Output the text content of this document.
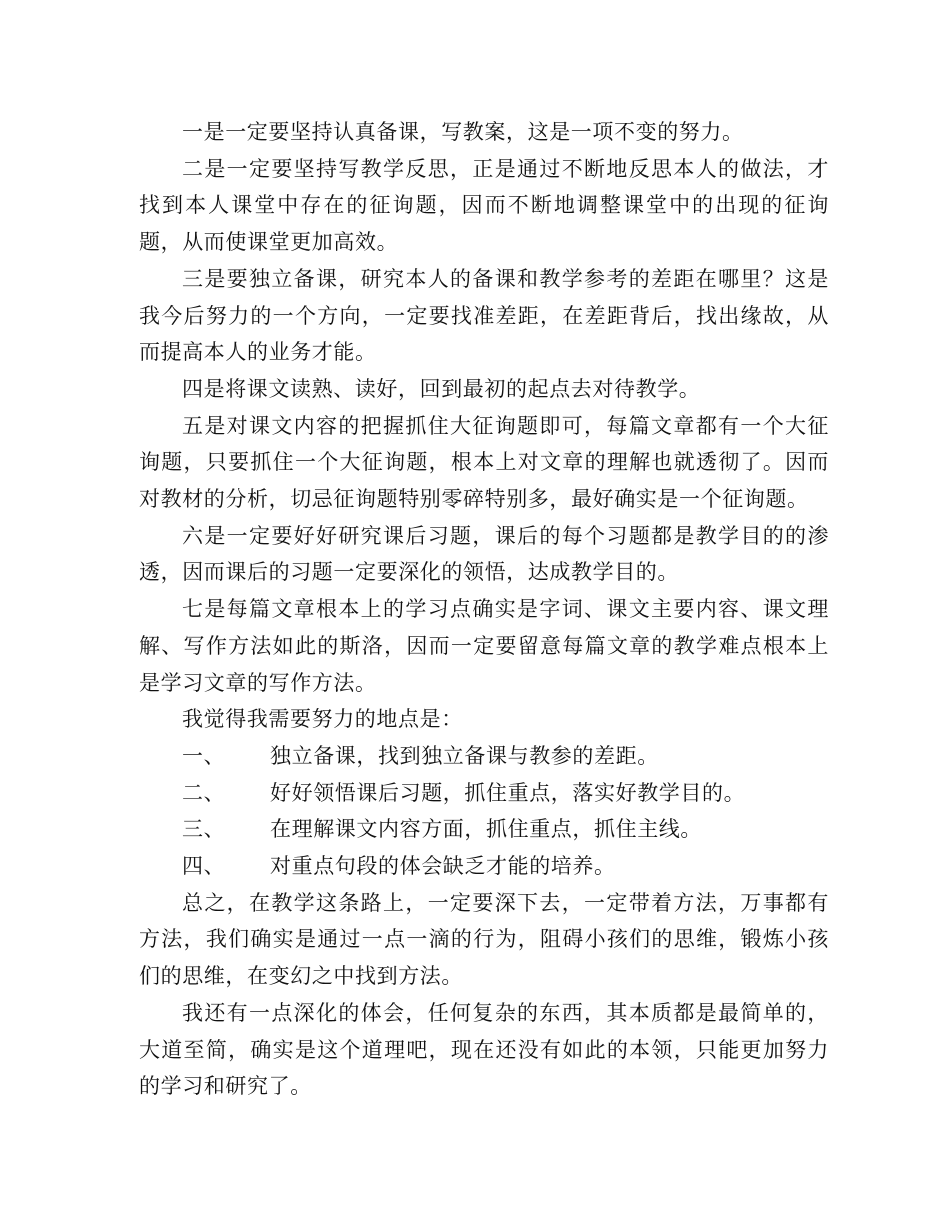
一是一定要坚持认真备课，写教案，这是一项不变的努力。

二是一定要坚持写教学反思，正是通过不断地反思本人的做法，才找到本人课堂中存在的征询题，因而不断地调整课堂中的出现的征询题，从而使课堂更加高效。

三是要独立备课，研究本人的备课和教学参考的差距在哪里？这是我今后努力的一个方向，一定要找准差距，在差距背后，找出缘故，从而提高本人的业务才能。

四是将课文读熟、读好，回到最初的起点去对待教学。

五是对课文内容的把握抓住大征询题即可，每篇文章都有一个大征询题，只要抓住一个大征询题，根本上对文章的理解也就透彻了。因而对教材的分析，切忌征询题特别零碎特别多，最好确实是一个征询题。

六是一定要好好研究课后习题，课后的每个习题都是教学目的的渗透，因而课后的习题一定要深化的领悟，达成教学目的。

七是每篇文章根本上的学习点确实是字词、课文主要内容、课文理解、写作方法如此的斯洛，因而一定要留意每篇文章的教学难点根本上是学习文章的写作方法。

我觉得我需要努力的地点是：

一、 独立备课，找到独立备课与教参的差距。
二、 好好领悟课后习题，抓住重点，落实好教学目的。
三、 在理解课文内容方面，抓住重点，抓住主线。
四、 对重点句段的体会缺乏才能的培养。

总之，在教学这条路上，一定要深下去，一定带着方法，万事都有方法，我们确实是通过一点一滴的行为，阻碍小孩们的思维，锻炼小孩们的思维，在变幻之中找到方法。

我还有一点深化的体会，任何复杂的东西，其本质都是最简单的，大道至简，确实是这个道理吧，现在还没有如此的本领，只能更加努力的学习和研究了。
